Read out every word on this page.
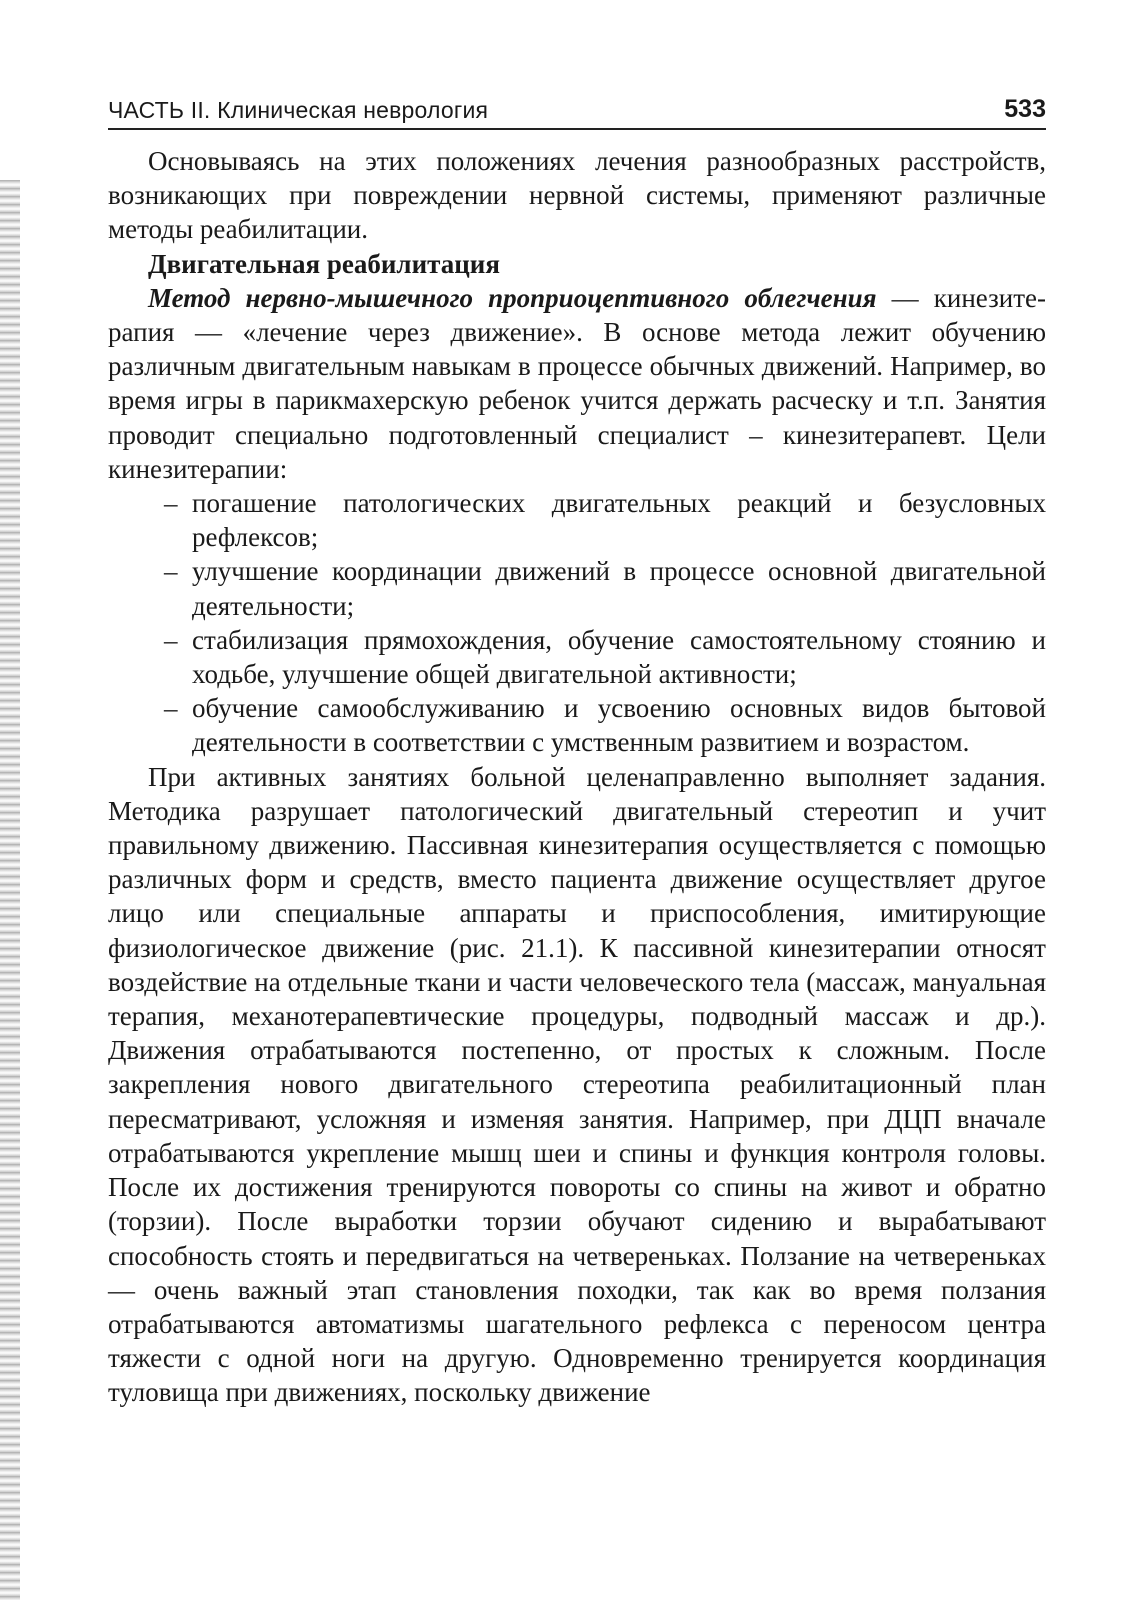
ЧАСТЬ II. Клиническая неврология	533

Основываясь на этих положениях лечения разнообразных расстройств, возникающих при повреждении нервной системы, применяют различные методы реабилитации.

Двигательная реабилитация

Метод нервно-мышечного проприоцептивного облегчения — кинезитерапия — «лечение через движение». В основе метода лежит обучению различным двигательным навыкам в процессе обычных движений. Например, во время игры в парикмахерскую ребенок учится держать расческу и т.п. Занятия проводит специально подготовленный специалист – кинезитерапевт. Цели кинезитерапии:

– погашение патологических двигательных реакций и безусловных рефлексов;
– улучшение координации движений в процессе основной двигательной деятельности;
– стабилизация прямохождения, обучение самостоятельному стоянию и ходьбе, улучшение общей двигательной активности;
– обучение самообслуживанию и усвоению основных видов бытовой деятельности в соответствии с умственным развитием и возрастом.

При активных занятиях больной целенаправленно выполняет задания. Методика разрушает патологический двигательный стереотип и учит правильному движению. Пассивная кинезитерапия осуществляется с помощью различных форм и средств, вместо пациента движение осуществляет другое лицо или специальные аппараты и приспособления, имитирующие физиологическое движение (рис. 21.1). К пассивной кинезитерапии относят воздействие на отдельные ткани и части человеческого тела (массаж, мануальная терапия, механотерапевтические процедуры, подводный массаж и др.). Движения отрабатываются постепенно, от простых к сложным. После закрепления нового двигательного стереотипа реабилитационный план пересматривают, усложняя и изменяя занятия. Например, при ДЦП вначале отрабатываются укрепление мышц шеи и спины и функция контроля головы. После их достижения тренируются повороты со спины на живот и обратно (торзии). После выработки торзии обучают сидению и вырабатывают способность стоять и передвигаться на четвереньках. Ползание на четвереньках — очень важный этап становления походки, так как во время ползания отрабатываются автоматизмы шагательного рефлекса с переносом центра тяжести с одной ноги на другую. Одновременно тренируется координация туловища при движениях, поскольку движение
